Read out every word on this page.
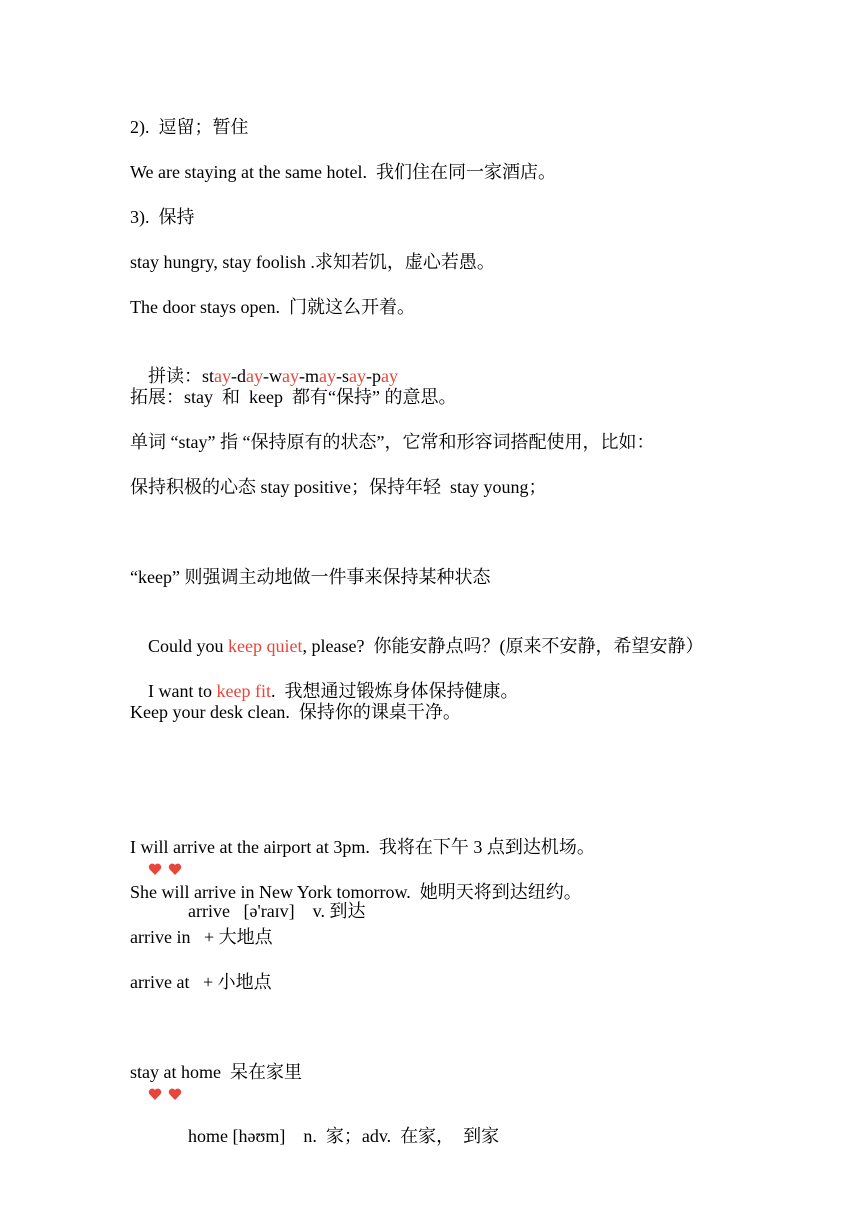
2).  逗留；暂住
We are staying at the same hotel.  我们住在同一家酒店。
3).  保持
stay hungry, stay foolish .求知若饥，虚心若愚。
The door stays open.  门就这么开着。

拼读：stay-day-way-may-say-pay

拓展：stay  和  keep  都有“保持” 的意思。
单词 “stay” 指 “保持原有的状态”，它常和形容词搭配使用，比如：
保持积极的心态 stay positive；保持年轻  stay young；
“keep” 则强调主动地做一件事来保持某种状态

Could you keep quiet, please?  你能安静点吗？(原来不安静，希望安静）

I want to keep fit.  我想通过锻炼身体保持健康。

Keep your desk clean.  保持你的课桌干净。

arrive   [ə'raɪv]    v. 到达

I will arrive at the airport at 3pm.  我将在下午 3 点到达机场。
She will arrive in New York tomorrow.  她明天将到达纽约。
arrive in   + 大地点
arrive at   + 小地点

home [həʊm]    n.  家；adv.  在家，  到家

stay at home  呆在家里
